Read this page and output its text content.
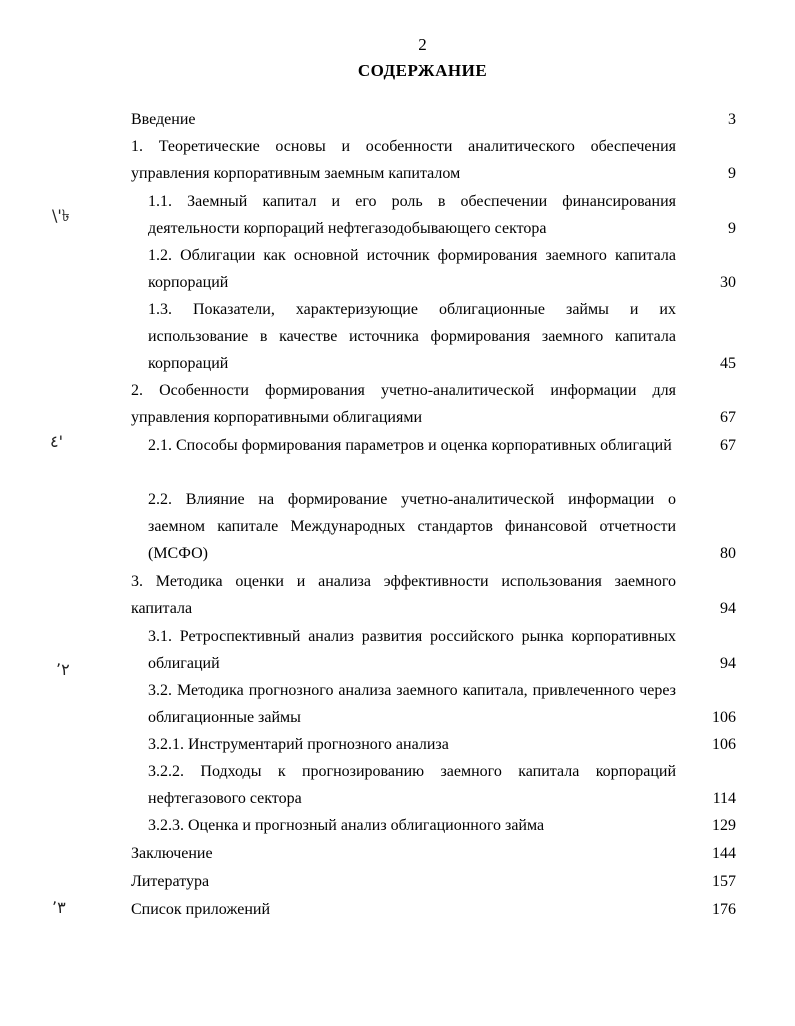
2
СОДЕРЖАНИЕ
Введение	3
1. Теоретические основы и особенности аналитического обеспечения управления корпоративным заемным капиталом	9
1.1. Заемный капитал и его роль в обеспечении финансирования деятельности корпораций нефтегазодобывающего сектора	9
1.2. Облигации как основной источник формирования заемного капитала корпораций	30
1.3. Показатели, характеризующие облигационные займы и их использование в качестве источника формирования заемного капитала корпораций	45
2. Особенности формирования учетно-аналитической информации для управления корпоративными облигациями	67
2.1. Способы формирования параметров и оценка корпоративных облигаций	67
2.2. Влияние на формирование учетно-аналитической информации о заемном капитале Международных стандартов финансовой отчетности (МСФО)	80
3. Методика оценки и анализа эффективности использования заемного капитала	94
3.1. Ретроспективный анализ развития российского рынка корпоративных облигаций	94
3.2. Методика прогнозного анализа заемного капитала, привлеченного через облигационные займы	106
3.2.1. Инструментарий прогнозного анализа	106
3.2.2. Подходы к прогнозированию заемного капитала корпораций нефтегазового сектора	114
3.2.3. Оценка и прогнозный анализ облигационного займа	129
Заключение	144
Литература	157
Список приложений	176
\'৳
٤'
٬٢
٬٣
